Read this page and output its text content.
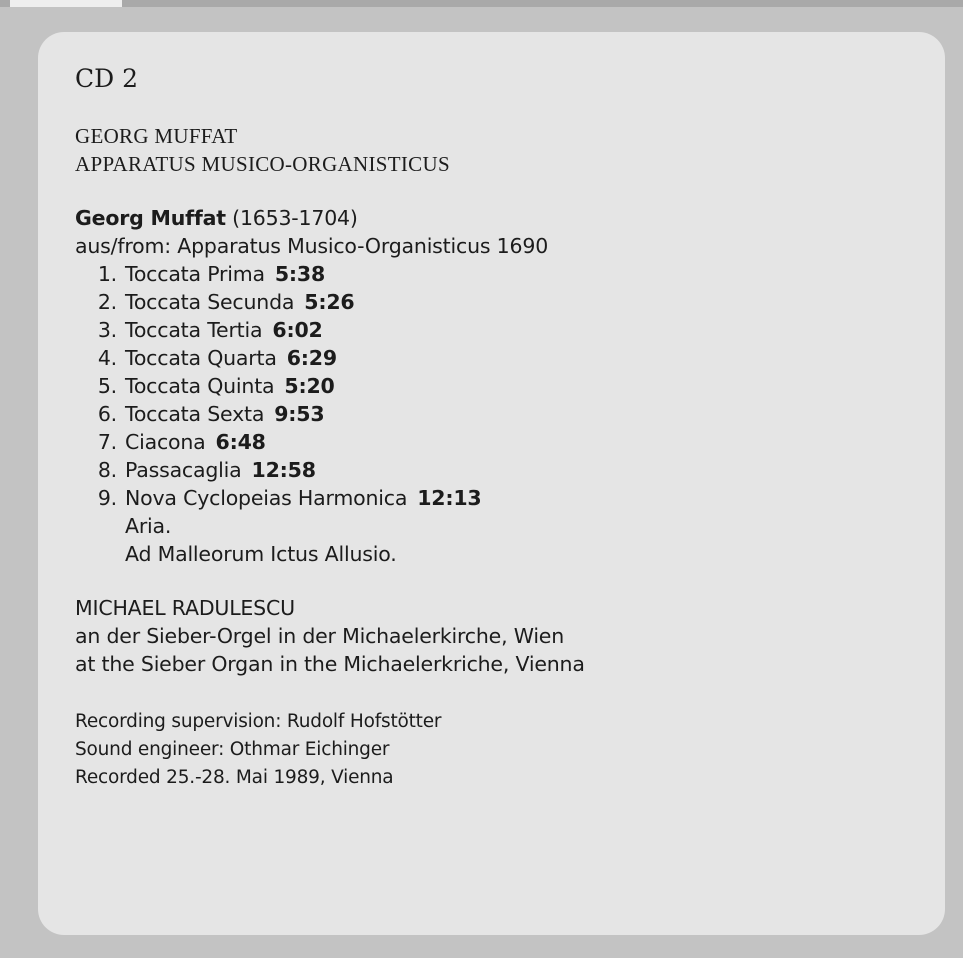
CD 2
GEORG MUFFAT
APPARATUS MUSICO-ORGANISTICUS
Georg Muffat (1653-1704)
aus/from: Apparatus Musico-Organisticus 1690
1. Toccata Prima 5:38
2. Toccata Secunda 5:26
3. Toccata Tertia 6:02
4. Toccata Quarta 6:29
5. Toccata Quinta 5:20
6. Toccata Sexta 9:53
7. Ciacona 6:48
8. Passacaglia 12:58
9. Nova Cyclopeias Harmonica 12:13
Aria.
Ad Malleorum Ictus Allusio.
MICHAEL RADULESCU
an der Sieber-Orgel in der Michaelerkirche, Wien
at the Sieber Organ in the Michaelerkriche, Vienna
Recording supervision: Rudolf Hofstötter
Sound engineer: Othmar Eichinger
Recorded 25.-28. Mai 1989, Vienna
